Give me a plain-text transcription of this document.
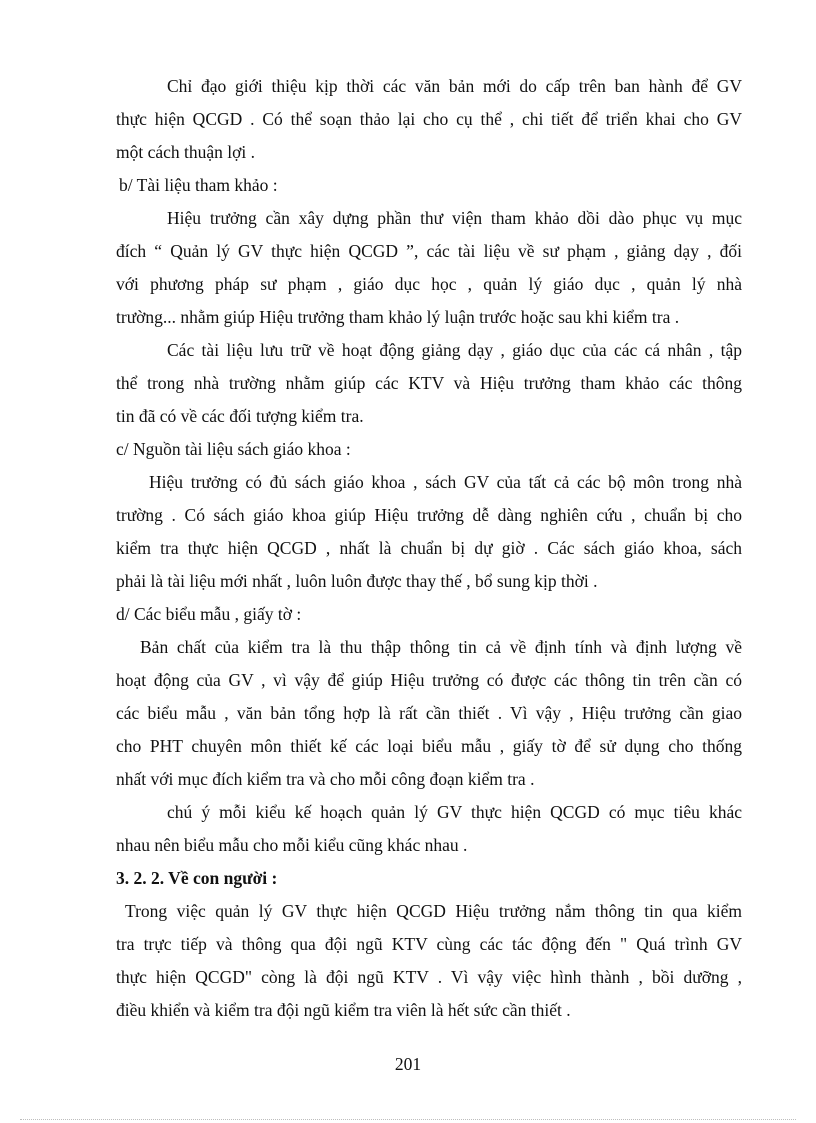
Chỉ đạo giới thiệu kịp thời các văn bản mới do cấp trên ban hành để GV
thực hiện QCGD . Có thể soạn thảo lại cho cụ thể , chi tiết để triển khai cho GV
một cách thuận lợi .
b/ Tài liệu tham khảo :
Hiệu trưởng cần xây dựng phần thư viện tham khảo dồi dào phục vụ mục
đích “ Quản lý GV thực hiện QCGD ”, các tài liệu về sư phạm , giảng dạy , đối
với phương pháp sư phạm , giáo dục học , quản lý giáo dục , quản lý nhà
trường... nhằm giúp Hiệu trưởng tham khảo lý luận trước hoặc sau khi kiểm tra .
Các tài liệu lưu trữ về hoạt động giảng dạy , giáo dục của các cá nhân , tập
thể trong nhà trường nhằm giúp các KTV và Hiệu trưởng tham khảo các thông
tin đã có về các đối tượng kiểm tra.
c/ Nguồn tài liệu sách giáo khoa :
Hiệu trưởng có đủ sách giáo khoa , sách GV của tất cả các bộ môn trong nhà
trường . Có sách giáo khoa giúp Hiệu trưởng dễ dàng nghiên cứu , chuẩn bị cho
kiểm tra thực hiện QCGD , nhất là chuẩn bị dự giờ . Các sách giáo khoa, sách
phải là tài liệu mới nhất , luôn luôn được thay thế , bổ sung kịp thời .
d/ Các biểu mẫu , giấy tờ :
Bản chất của kiểm tra là thu thập thông tin cả về định tính và định lượng về
hoạt động của GV , vì vậy để giúp Hiệu trưởng có được các thông tin trên cần có
các biểu mẫu , văn bản tổng hợp là rất cần thiết . Vì vậy , Hiệu trưởng cần giao
cho PHT chuyên môn thiết kế các loại biểu mẫu , giấy tờ để sử dụng cho thống
nhất với mục đích kiểm tra và cho mỗi công đoạn kiểm tra .
chú ý mỗi kiểu kế hoạch quản lý GV thực hiện QCGD có mục tiêu khác
nhau nên biểu mẫu cho mỗi kiểu cũng khác nhau .
3. 2. 2. Về con người :
Trong việc quản lý GV thực hiện QCGD Hiệu trưởng nắm thông tin qua kiểm
tra trực tiếp và thông qua đội ngũ KTV cùng các tác động đến " Quá trình GV
thực hiện QCGD" còng là đội ngũ KTV . Vì vậy việc hình thành , bồi dưỡng ,
điều khiển và kiểm tra đội ngũ kiểm tra viên là hết sức cần thiết .
201
